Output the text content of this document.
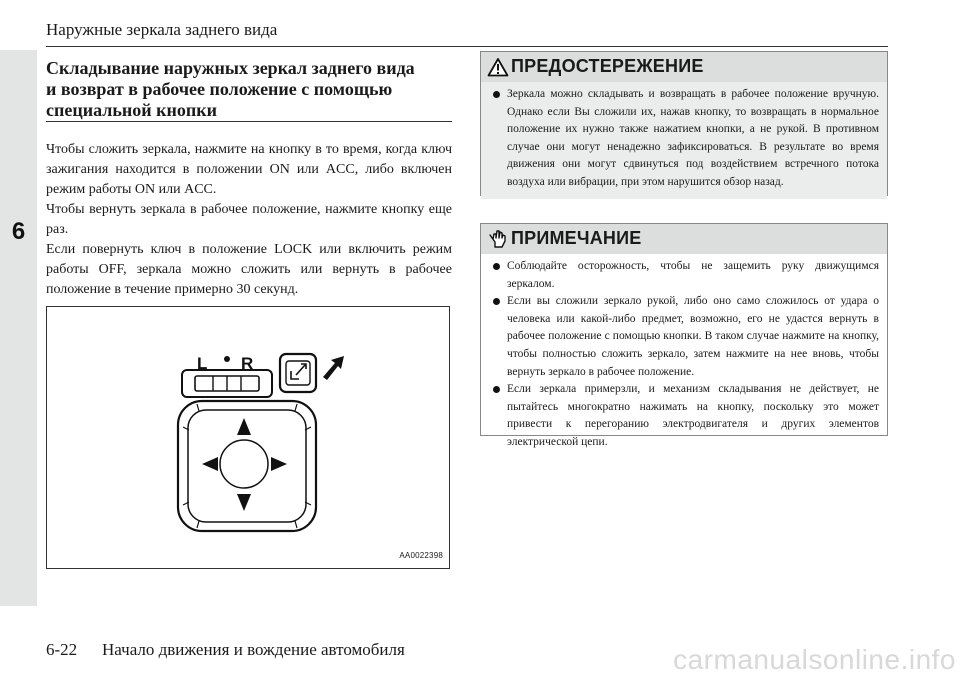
6
Наружные зеркала заднего вида
Складывание наружных зеркал заднего вида
и возврат в рабочее положение с помощью
специальной кнопки

Чтобы сложить зеркала, нажмите на кнопку в то время, когда ключ зажигания находится в положении ON или ACC, либо включен режим работы ON или ACC.

Чтобы вернуть зеркала в рабочее положение, нажмите кнопку еще раз.

Если повернуть ключ в положение LOCK или включить режим работы OFF, зеркала можно сложить или вернуть в рабочее положение в течение примерно 30 секунд.

L R
AA0022398
ПРЕДОСТЕРЕЖЕНИЕ
Зеркала можно складывать и возвращать в рабочее положение вручную. Однако если Вы сложили их, нажав кнопку, то возвращать в нормальное положение их нужно также нажатием кнопки, а не рукой. В противном случае они могут ненадежно зафиксироваться. В результате во время движения они могут сдвинуться под воздействием встречного потока воздуха или вибрации, при этом нарушится обзор назад.
ПРИМЕЧАНИЕ
Соблюдайте осторожность, чтобы не защемить руку движущимся зеркалом.
Если вы сложили зеркало рукой, либо оно само сложилось от удара о человека или какой-либо предмет, возможно, его не удастся вернуть в рабочее положение с помощью кнопки. В таком случае нажмите на кнопку, чтобы полностью сложить зеркало, затем нажмите на нее вновь, чтобы вернуть зеркало в рабочее положение.
Если зеркала примерзли, и механизм складывания не действует, не пытайтесь многократно нажимать на кнопку, поскольку это может привести к перегоранию электродвигателя и других элементов электрической цепи.
6-22 Начало движения и вождение автомобиля	carmanualsonline.info
